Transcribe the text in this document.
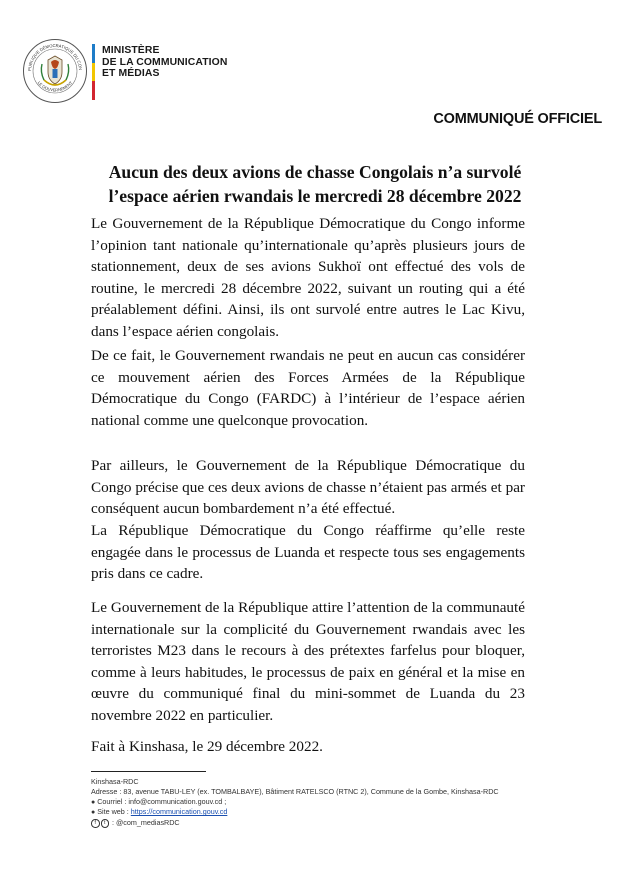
PUBLIQUE DÉMOCRATIQUE DU CON
LE GOUVERNEMENT
MINISTÈRE
DE LA COMMUNICATION
ET MÉDIAS
COMMUNIQUÉ OFFICIEL
Aucun des deux avions de chasse Congolais n’a survolé l’espace aérien rwandais le mercredi 28 décembre 2022
Le Gouvernement de la République Démocratique du Congo informe l’opinion tant nationale qu’internationale qu’après plusieurs jours de stationnement, deux de ses avions Sukhoï ont effectué des vols de routine, le mercredi 28 décembre 2022, suivant un routing qui a été préalablement défini. Ainsi, ils ont survolé entre autres le Lac Kivu, dans l’espace aérien congolais.
De ce fait, le Gouvernement rwandais ne peut en aucun cas considérer ce mouvement aérien des Forces Armées de la République Démocratique du Congo (FARDC) à l’intérieur de l’espace aérien national comme une quelconque provocation.
Par ailleurs, le Gouvernement de la République Démocratique du Congo précise que ces deux avions de chasse n’étaient pas armés et par conséquent aucun bombardement n’a été effectué.
La République Démocratique du Congo réaffirme qu’elle reste engagée dans le processus de Luanda et respecte tous ses engagements pris dans ce cadre.
Le Gouvernement de la République attire l’attention de la communauté internationale sur la complicité du Gouvernement rwandais avec les terroristes M23 dans le recours à des prétextes farfelus pour bloquer, comme à leurs habitudes, le processus de paix en général et la mise en œuvre du communiqué final du mini-sommet de Luanda du 23 novembre 2022 en particulier.
Fait à Kinshasa, le 29 décembre 2022.
Kinshasa-RDC
Adresse : 83, avenue TABU-LEY (ex. TOMBALBAYE), Bâtiment RATELSCO (RTNC 2), Commune de la Gombe, Kinshasa-RDC
● Courriel : info@communication.gouv.cd ;
● Site web : https://communication.gouv.cd
f t : @com_mediasRDC
